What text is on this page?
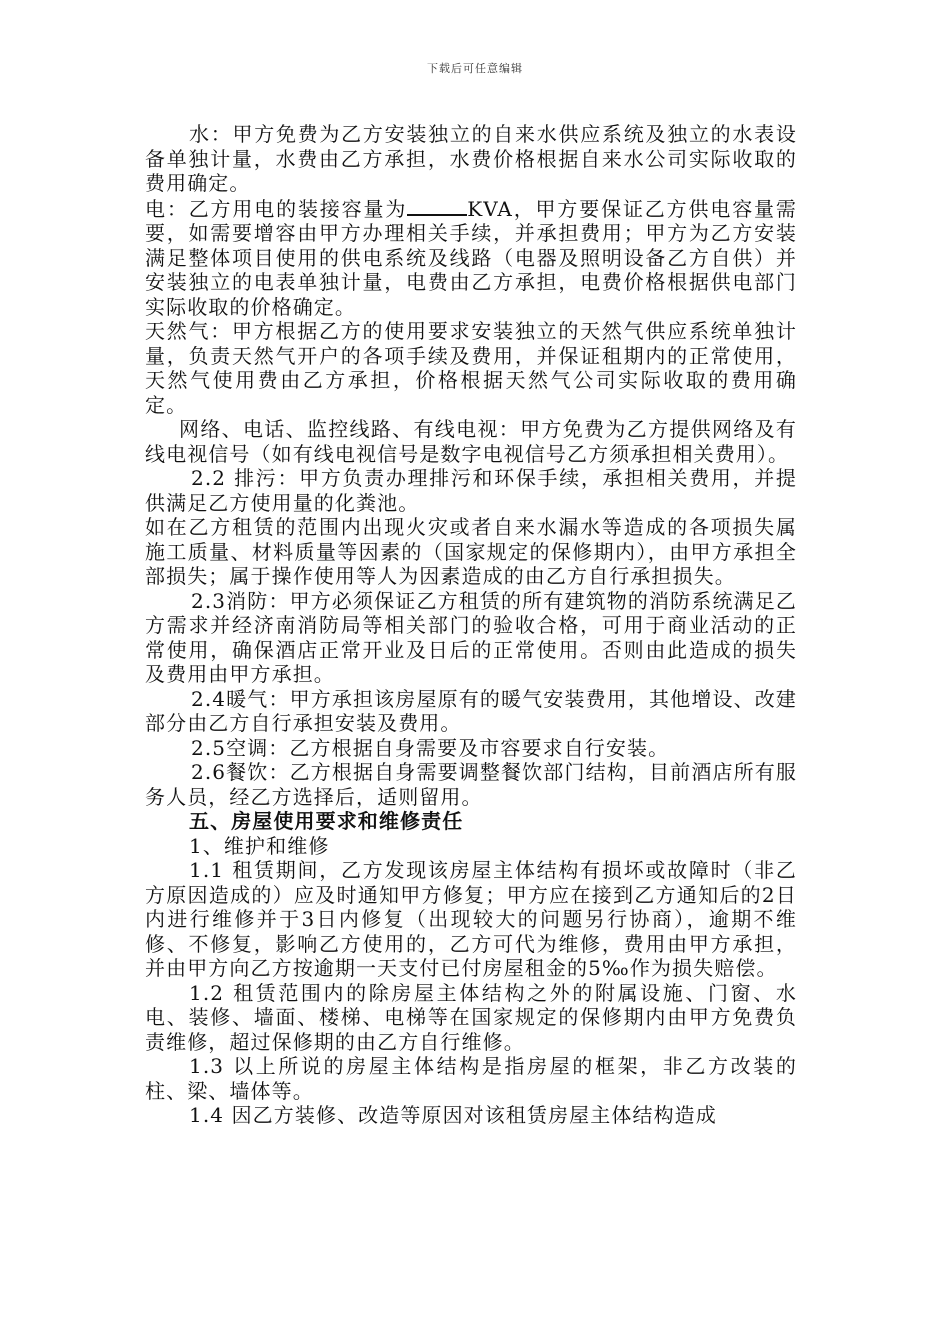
下载后可任意编辑

水：甲方免费为乙方安装独立的自来水供应系统及独立的水表设备单独计量，水费由乙方承担，水费价格根据自来水公司实际收取的费用确定。

电：乙方用电的装接容量为	KVA，甲方要保证乙方供电容量需要，如需要增容由甲方办理相关手续，并承担费用；甲方为乙方安装满足整体项目使用的供电系统及线路（电器及照明设备乙方自供）并安装独立的电表单独计量，电费由乙方承担，电费价格根据供电部门实际收取的价格确定。

天然气：甲方根据乙方的使用要求安装独立的天然气供应系统单独计量，负责天然气开户的各项手续及费用，并保证租期内的正常使用，天然气使用费由乙方承担，价格根据天然气公司实际收取的费用确定。

网络、电话、监控线路、有线电视：甲方免费为乙方提供网络及有线电视信号（如有线电视信号是数字电视信号乙方须承担相关费用）。

2.2 排污：甲方负责办理排污和环保手续，承担相关费用，并提供满足乙方使用量的化粪池。

如在乙方租赁的范围内出现火灾或者自来水漏水等造成的各项损失属施工质量、材料质量等因素的（国家规定的保修期内），由甲方承担全部损失；属于操作使用等人为因素造成的由乙方自行承担损失。

2.3消防：甲方必须保证乙方租赁的所有建筑物的消防系统满足乙方需求并经济南消防局等相关部门的验收合格，可用于商业活动的正常使用，确保酒店正常开业及日后的正常使用。否则由此造成的损失及费用由甲方承担。

2.4暖气：甲方承担该房屋原有的暖气安装费用，其他增设、改建部分由乙方自行承担安装及费用。

2.5空调：乙方根据自身需要及市容要求自行安装。

2.6餐饮：乙方根据自身需要调整餐饮部门结构，目前酒店所有服务人员，经乙方选择后，适则留用。

五、房屋使用要求和维修责任

1、维护和维修

1.1 租赁期间，乙方发现该房屋主体结构有损坏或故障时（非乙方原因造成的）应及时通知甲方修复；甲方应在接到乙方通知后的2日内进行维修并于3日内修复（出现较大的问题另行协商），逾期不维修、不修复，影响乙方使用的，乙方可代为维修，费用由甲方承担，并由甲方向乙方按逾期一天支付已付房屋租金的5‰作为损失赔偿。

1.2 租赁范围内的除房屋主体结构之外的附属设施、门窗、水电、装修、墙面、楼梯、电梯等在国家规定的保修期内由甲方免费负责维修，超过保修期的由乙方自行维修。

1.3 以上所说的房屋主体结构是指房屋的框架，非乙方改装的柱、梁、墙体等。

1.4 因乙方装修、改造等原因对该租赁房屋主体结构造成
